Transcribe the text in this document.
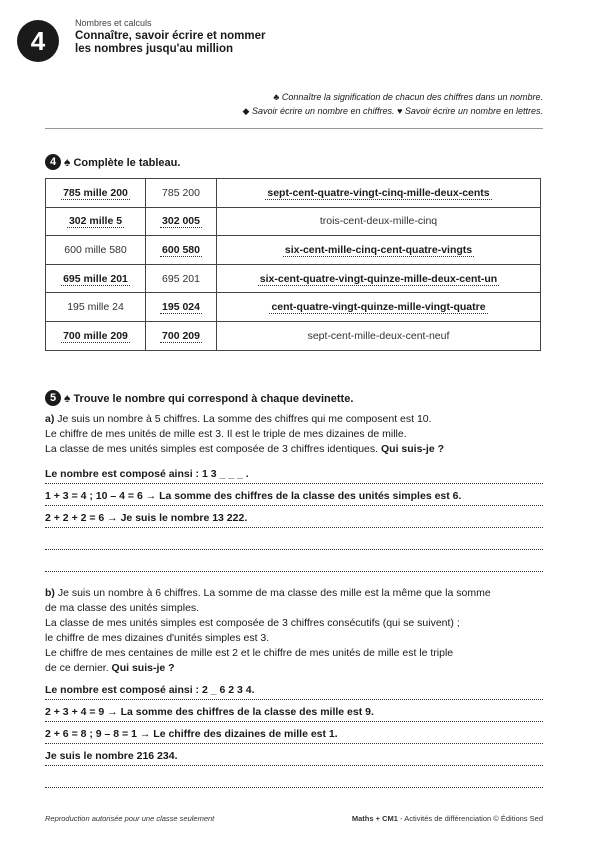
4
Nombres et calculs
Connaître, savoir écrire et nommer
les nombres jusqu'au million
♣ Connaître la signification de chacun des chiffres dans un nombre.
◆ Savoir écrire un nombre en chiffres. ♥ Savoir écrire un nombre en lettres.
4 ♠ Complète le tableau.
785 mille 200	785 200	sept-cent-quatre-vingt-cinq-mille-deux-cents
302 mille 5	302 005	trois-cent-deux-mille-cinq
600 mille 580	600 580	six-cent-mille-cinq-cent-quatre-vingts
695 mille 201	695 201	six-cent-quatre-vingt-quinze-mille-deux-cent-un
195 mille 24	195 024	cent-quatre-vingt-quinze-mille-vingt-quatre
700 mille 209	700 209	sept-cent-mille-deux-cent-neuf
5 ♠ Trouve le nombre qui correspond à chaque devinette.
a) Je suis un nombre à 5 chiffres. La somme des chiffres qui me composent est 10.
Le chiffre de mes unités de mille est 3. Il est le triple de mes dizaines de mille.
La classe de mes unités simples est composée de 3 chiffres identiques. Qui suis-je ?
Le nombre est composé ainsi : 1 3 _ _ _ .
1 + 3 = 4 ; 10 – 4 = 6 → La somme des chiffres de la classe des unités simples est 6.
2 + 2 + 2 = 6 → Je suis le nombre 13 222.
b) Je suis un nombre à 6 chiffres. La somme de ma classe des mille est la même que la somme
de ma classe des unités simples.
La classe de mes unités simples est composée de 3 chiffres consécutifs (qui se suivent) ;
le chiffre de mes dizaines d'unités simples est 3.
Le chiffre de mes centaines de mille est 2 et le chiffre de mes unités de mille est le triple
de ce dernier. Qui suis-je ?
Le nombre est composé ainsi : 2 _ 6 2 3 4.
2 + 3 + 4 = 9 → La somme des chiffres de la classe des mille est 9.
2 + 6 = 8 ; 9 – 8 = 1 → Le chiffre des dizaines de mille est 1.
Je suis le nombre 216 234.
Reproduction autorisée pour une classe seulement	Maths + CM1 - Activités de différenciation © Éditions Sed
